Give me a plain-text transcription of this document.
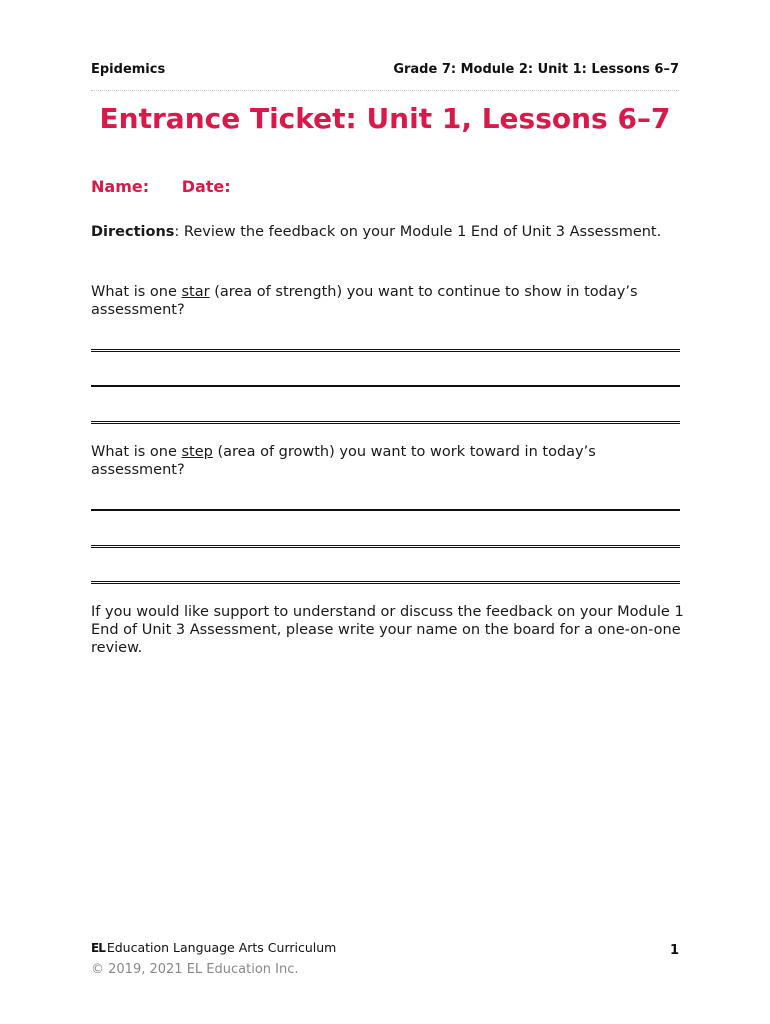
Epidemics	Grade 7: Module 2: Unit 1: Lessons 6–7
Entrance Ticket: Unit 1, Lessons 6–7
Name: Date:
Directions: Review the feedback on your Module 1 End of Unit 3 Assessment.
What is one star (area of strength) you want to continue to show in today’s assessment?
What is one step (area of growth) you want to work toward in today’s assessment?
If you would like support to understand or discuss the feedback on your Module 1 End of Unit 3 Assessment, please write your name on the board for a one-on-one review.
EL Education Language Arts Curriculum
© 2019, 2021 EL Education Inc.
1
